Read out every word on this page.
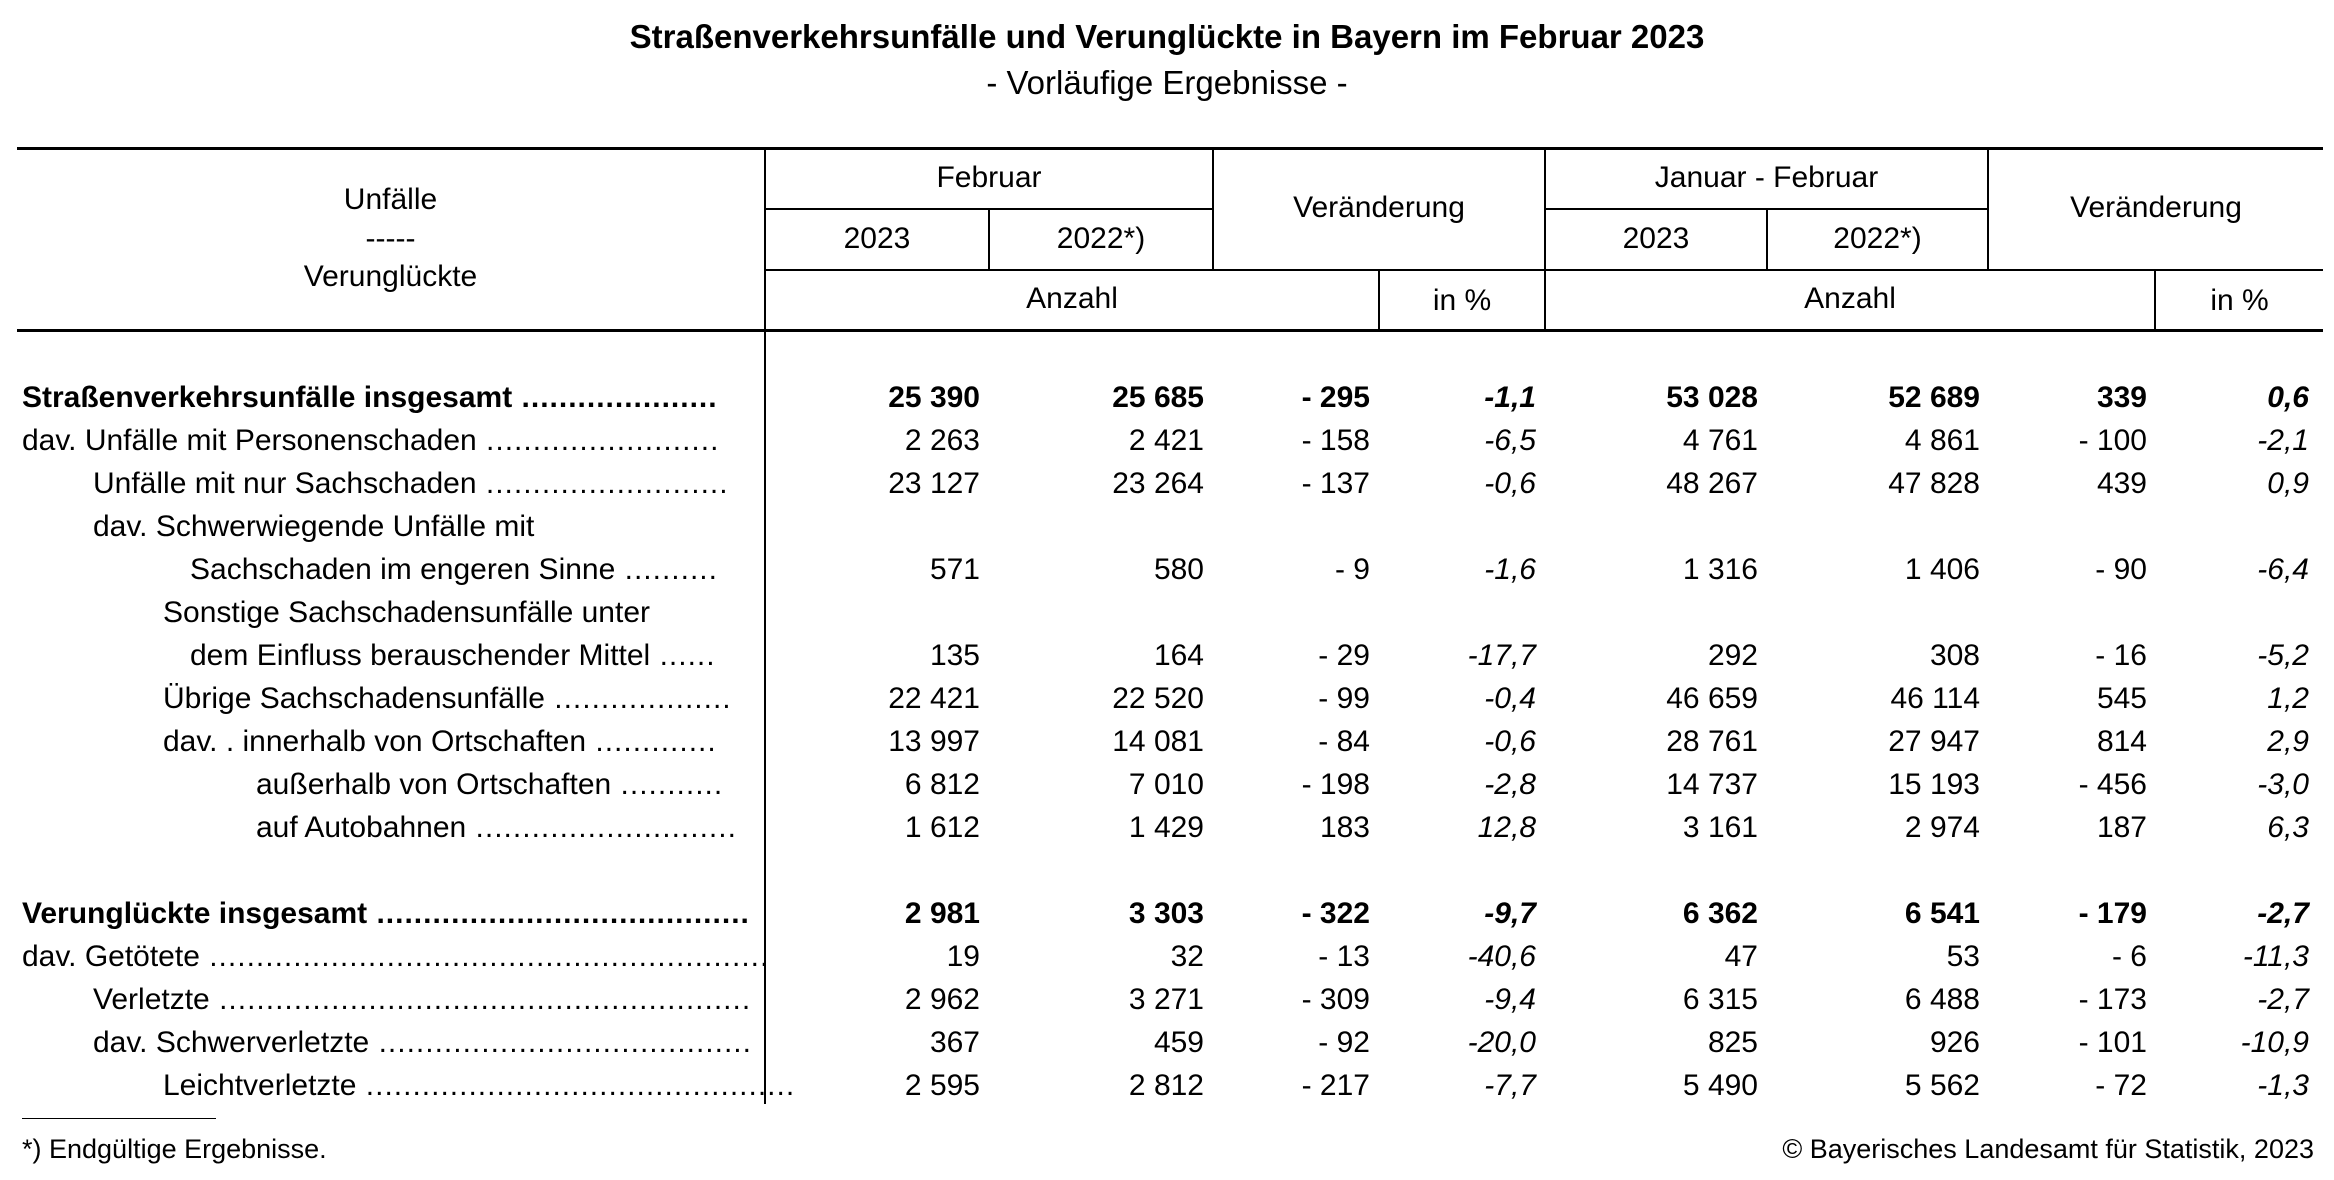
Straßenverkehrsunfälle und Verunglückte in Bayern im Februar 2023
- Vorläufige Ergebnisse -
Unfälle
-----
Verunglückte
Februar
2023	2022*)
Veränderung
Anzahl	in %
Januar - Februar
2023	2022*)
Veränderung
Anzahl	in %
Straßenverkehrsunfälle insgesamt .....................	25 390	25 685	- 295	-1,1	53 028	52 689	339	0,6
dav. Unfälle mit Personenschaden .........................	2 263	2 421	- 158	-6,5	4 761	4 861	- 100	-2,1
Unfälle mit nur Sachschaden ..........................	23 127	23 264	- 137	-0,6	48 267	47 828	439	0,9
dav. Schwerwiegende Unfälle mit
Sachschaden im engeren Sinne ..........	571	580	- 9	-1,6	1 316	1 406	- 90	-6,4
Sonstige Sachschadensunfälle unter
dem Einfluss berauschender Mittel ......	135	164	- 29	-17,7	292	308	- 16	-5,2
Übrige Sachschadensunfälle ...................	22 421	22 520	- 99	-0,4	46 659	46 114	545	1,2
dav. . innerhalb von Ortschaften .............	13 997	14 081	- 84	-0,6	28 761	27 947	814	2,9
außerhalb von Ortschaften ...........	6 812	7 010	- 198	-2,8	14 737	15 193	- 456	-3,0
auf Autobahnen ............................	1 612	1 429	183	12,8	3 161	2 974	187	6,3
Verunglückte insgesamt ........................................	2 981	3 303	- 322	-9,7	6 362	6 541	- 179	-2,7
dav. Getötete ............................................................	19	32	- 13	-40,6	47	53	- 6	-11,3
Verletzte .........................................................	2 962	3 271	- 309	-9,4	6 315	6 488	- 173	-2,7
dav. Schwerverletzte ........................................	367	459	- 92	-20,0	825	926	- 101	-10,9
Leichtverletzte ..............................................	2 595	2 812	- 217	-7,7	5 490	5 562	- 72	-1,3
*) Endgültige Ergebnisse.	© Bayerisches Landesamt für Statistik, 2023
